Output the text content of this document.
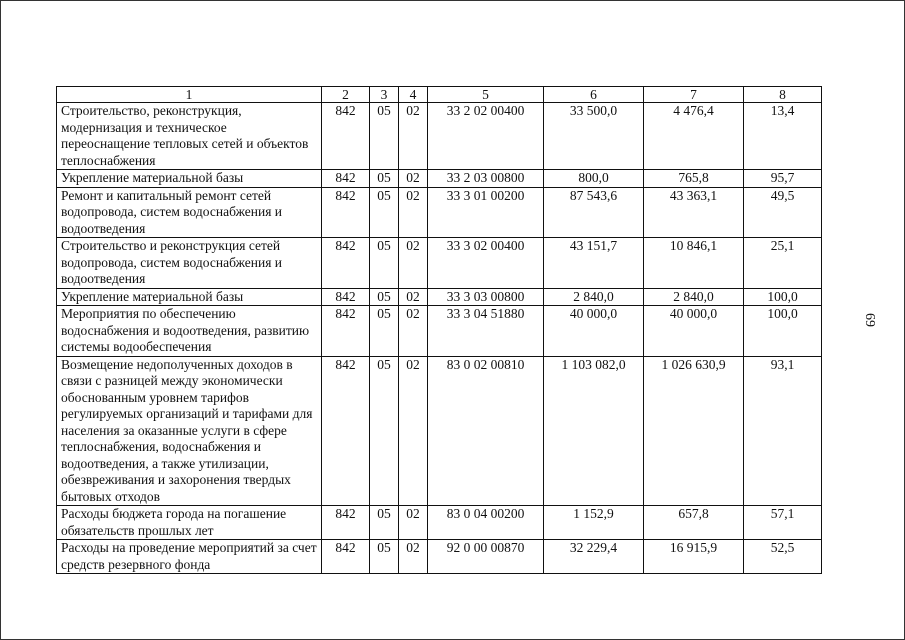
1	2	3	4	5	6	7	8
Строительство, реконструкция, модернизация и техническое переоснащение тепловых сетей и объектов теплоснабжения	842	05	02	33 2 02 00400	33 500,0	4 476,4	13,4
Укрепление материальной базы	842	05	02	33 2 03 00800	800,0	765,8	95,7
Ремонт и капитальный ремонт сетей водопровода, систем водоснабжения и водоотведения	842	05	02	33 3 01 00200	87 543,6	43 363,1	49,5
Строительство и реконструкция сетей водопровода, систем водоснабжения и водоотведения	842	05	02	33 3 02 00400	43 151,7	10 846,1	25,1
Укрепление материальной базы	842	05	02	33 3 03 00800	2 840,0	2 840,0	100,0
Мероприятия по обеспечению водоснабжения и водоотведения, развитию системы водообеспечения	842	05	02	33 3 04 51880	40 000,0	40 000,0	100,0
Возмещение недополученных доходов в связи с разницей между экономически обоснованным уровнем тарифов регулируемых организаций и тарифами для населения за оказанные услуги в сфере теплоснабжения, водоснабжения и водоотведения, а также утилизации, обезвреживания и захоронения твердых бытовых отходов	842	05	02	83 0 02 00810	1 103 082,0	1 026 630,9	93,1
Расходы бюджета города на погашение обязательств прошлых лет	842	05	02	83 0 04 00200	1 152,9	657,8	57,1
Расходы на проведение мероприятий за счет средств резервного фонда	842	05	02	92 0 00 00870	32 229,4	16 915,9	52,5
69
